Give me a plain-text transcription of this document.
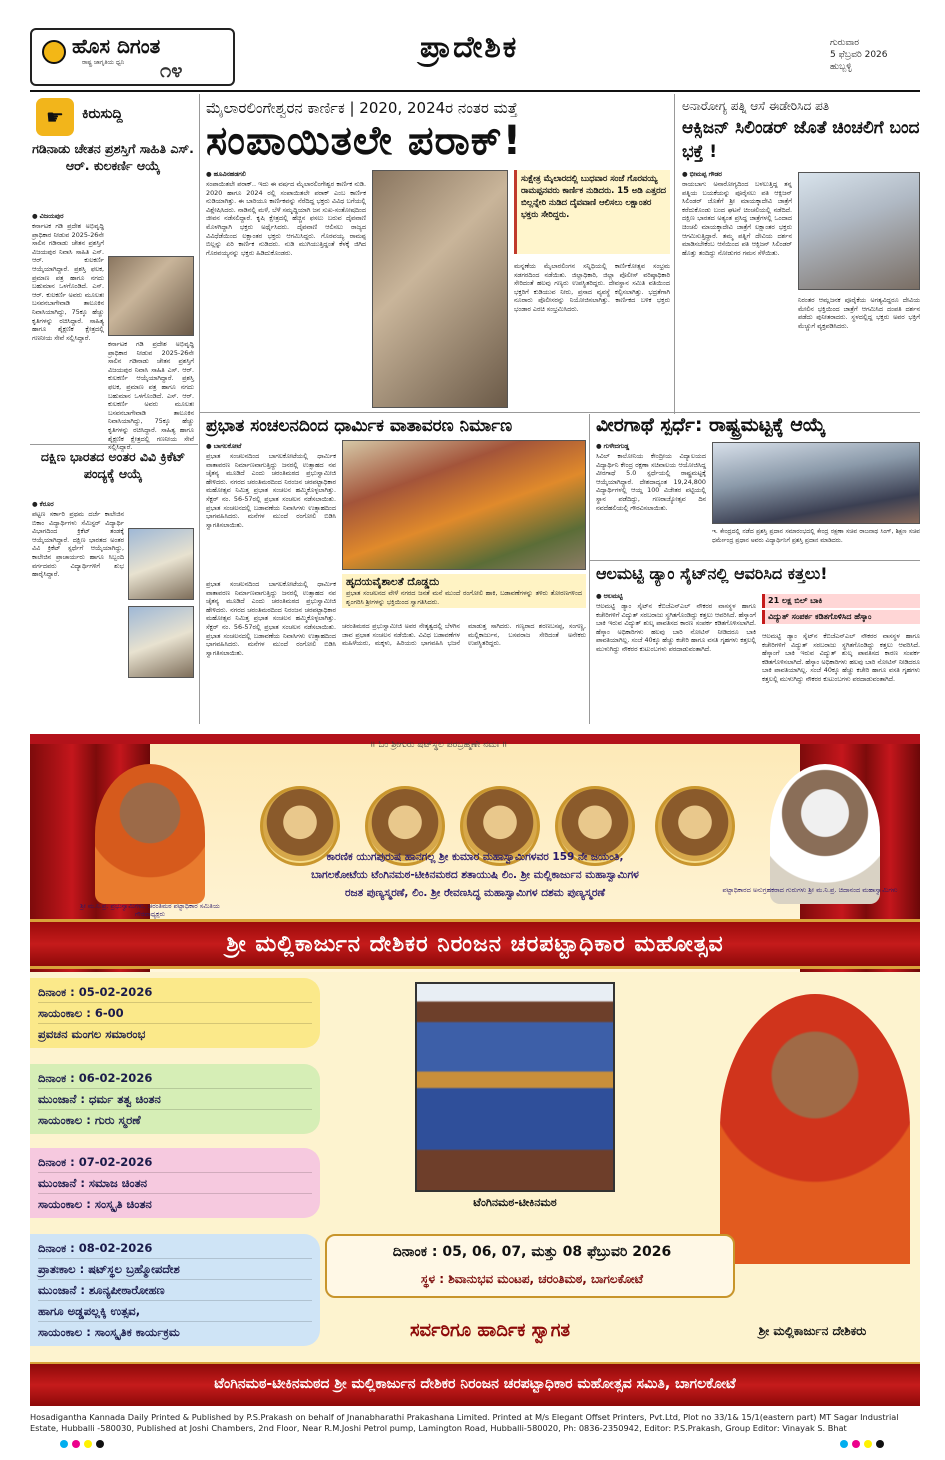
ಹೊಸ ದಿಗಂತ
ರಾಷ್ಟ್ರ ಜಾಗೃತಿಯ ಧ್ವನಿ ೧೪
ಪ್ರಾದೇಶಿಕ	ಗುರುವಾರ
5 ಫೆಬ್ರವರಿ 2026
ಹುಬ್ಬಳ್ಳಿ
☛	ಕಿರುಸುದ್ದಿ
ಗಡಿನಾಡು ಚೇತನ ಪ್ರಶಸ್ತಿಗೆ ಸಾಹಿತಿ ಎಸ್. ಆರ್. ಕುಲಕರ್ಣಿ ಆಯ್ಕೆ
● ವಿಜಯಪುರ
ಕರ್ನಾಟಕ ಗಡಿ ಪ್ರದೇಶ ಅಭಿವೃದ್ಧಿ ಪ್ರಾಧಿಕಾರ ನೀಡುವ 2025-26ನೇ ಸಾಲಿನ ಗಡಿನಾಡು ಚೇತನ ಪ್ರಶಸ್ತಿಗೆ ವಿಜಯಪುರ ನಿವಾಸಿ ಸಾಹಿತಿ ಎಸ್. ಆರ್. ಕುಲಕರ್ಣಿ ಆಯ್ಕೆಯಾಗಿದ್ದಾರೆ. ಪ್ರಶಸ್ತಿ ಫಲಕ, ಪ್ರಮಾಣ ಪತ್ರ ಹಾಗೂ ನಗದು ಬಹುಮಾನ ಒಳಗೊಂಡಿದೆ. ಎಸ್. ಆರ್. ಕುಲಕರ್ಣಿ ಅವರು ಮೂಲತಃ ಬಸವನಬಾಗೇವಾಡಿ ತಾಲೂಕಿನ ನಿವಾಸಿಯಾಗಿದ್ದು, 75ಕ್ಕೂ ಹೆಚ್ಚು ಕೃತಿಗಳನ್ನು ರಚಿಸಿದ್ದಾರೆ. ಸಾಹಿತ್ಯ ಹಾಗೂ ಶೈಕ್ಷಣಿಕ ಕ್ಷೇತ್ರದಲ್ಲಿ ಗಣನೀಯ ಸೇವೆ ಸಲ್ಲಿಸಿದ್ದಾರೆ.
ಕರ್ನಾಟಕ ಗಡಿ ಪ್ರದೇಶ ಅಭಿವೃದ್ಧಿ ಪ್ರಾಧಿಕಾರ ನೀಡುವ 2025-26ನೇ ಸಾಲಿನ ಗಡಿನಾಡು ಚೇತನ ಪ್ರಶಸ್ತಿಗೆ ವಿಜಯಪುರ ನಿವಾಸಿ ಸಾಹಿತಿ ಎಸ್. ಆರ್. ಕುಲಕರ್ಣಿ ಆಯ್ಕೆಯಾಗಿದ್ದಾರೆ. ಪ್ರಶಸ್ತಿ ಫಲಕ, ಪ್ರಮಾಣ ಪತ್ರ ಹಾಗೂ ನಗದು ಬಹುಮಾನ ಒಳಗೊಂಡಿದೆ. ಎಸ್. ಆರ್. ಕುಲಕರ್ಣಿ ಅವರು ಮೂಲತಃ ಬಸವನಬಾಗೇವಾಡಿ ತಾಲೂಕಿನ ನಿವಾಸಿಯಾಗಿದ್ದು, 75ಕ್ಕೂ ಹೆಚ್ಚು ಕೃತಿಗಳನ್ನು ರಚಿಸಿದ್ದಾರೆ. ಸಾಹಿತ್ಯ ಹಾಗೂ ಶೈಕ್ಷಣಿಕ ಕ್ಷೇತ್ರದಲ್ಲಿ ಗಣನೀಯ ಸೇವೆ ಸಲ್ಲಿಸಿದ್ದಾರೆ.
ದಕ್ಷಿಣ ಭಾರತದ ಅಂತರ ವಿವಿ ಕ್ರಿಕೆಟ್ ಪಂದ್ಯಕ್ಕೆ ಆಯ್ಕೆ
● ಕೆರೂರ
ಪಟ್ಟಣ ಸರ್ಕಾರಿ ಪ್ರಥಮ ದರ್ಜೆ ಕಾಲೇಜಿನ ಬಿಕಾಂ ವಿದ್ಯಾರ್ಥಿಗಳು ಸೆಮಿಸ್ಟರ್ ವಿದ್ಯಾರ್ಥಿ ವಿಭಾಗದಿಂದ ಕ್ರಿಕೆಟ್ ತಂಡಕ್ಕೆ ಆಯ್ಕೆಯಾಗಿದ್ದಾರೆ. ದಕ್ಷಿಣ ಭಾರತದ ಅಂತರ ವಿವಿ ಕ್ರಿಕೆಟ್ ಸ್ಪರ್ಧೆಗೆ ಆಯ್ಕೆಯಾಗಿದ್ದು, ಕಾಲೇಜಿನ ಪ್ರಾಚಾರ್ಯರು ಹಾಗೂ ಸಿಬ್ಬಂದಿ ವರ್ಗದವರು ವಿದ್ಯಾರ್ಥಿಗಳಿಗೆ ಶುಭ ಹಾರೈಸಿದ್ದಾರೆ.
ಮೈಲಾರಲಿಂಗೇಶ್ವರನ ಕಾರ್ಣಿಕ | 2020, 2024ರ ನಂತರ ಮತ್ತೆ
ಸಂಪಾಯಿತಲೇ ಪರಾಕ್!
● ಹೂವಿನಹಡಗಲಿ
ಸಂಪಾಯಿತಲೇ ಪರಾಕ್.. ಇದು ಈ ವರ್ಷದ ಮೈಲಾರಲಿಂಗೇಶ್ವರ ಕಾರ್ಣಿಕ ನುಡಿ. 2020 ಹಾಗೂ 2024 ರಲ್ಲಿ ಸಂಪಾಯಿತಲೇ ಪರಾಕ್ ಎಂಬ ಕಾರ್ಣಿಕ ನುಡಿಯಾಗಿತ್ತು. ಈ ಬಾರಿಯೂ ಕಾರ್ಣಿಕವನ್ನು ನೆರೆದಿದ್ದ ಭಕ್ತರು ವಿವಿಧ ಬಗೆಯಲ್ಲಿ ವಿಶ್ಲೇಷಿಸಿದರು. ನಾಡಿನಲ್ಲಿ ಮಳೆ, ಬೆಳೆ ಸಮೃದ್ಧಿಯಾಗಿ ಜನ ಸುಖ-ಸಂತೋಷದಿಂದ ಜೀವನ ನಡೆಸಲಿದ್ದಾರೆ. ಕೃಷಿ ಕ್ಷೇತ್ರದಲ್ಲಿ ಹೆಚ್ಚಿನ ಫಸಲು ಬರುವ ದೈವವಾಣಿ ಮೊಳಗಿದ್ದಾಗಿ ಭಕ್ತರು ಅರ್ಥೈಸಿದರು. ದೈವವಾಣಿ ಆಲಿಸಲು ರಾಜ್ಯದ ವಿವಿಧೆಡೆಯಿಂದ ಲಕ್ಷಾಂತರ ಭಕ್ತರು ಆಗಮಿಸಿದ್ದರು. ಗೊರವಯ್ಯ ರಾಮಪ್ಪ ಬಿಲ್ಲನ್ನು ಏರಿ ಕಾರ್ಣಿಕ ನುಡಿದರು. ನುಡಿ ಮುಗಿಯುತ್ತಿದ್ದಂತೆ ಕೆಳಕ್ಕೆ ಜಿಗಿದ ಗೊರವಯ್ಯನನ್ನು ಭಕ್ತರು ಹಿಡಿದುಕೊಂಡರು.
ಸುಕ್ಷೇತ್ರ ಮೈಲಾರದಲ್ಲಿ ಬುಧವಾರ ಸಂಜೆ ಗೊರವಯ್ಯ ರಾಮಪ್ಪನವರು ಕಾರ್ಣಿಕ ನುಡಿದರು. 15 ಅಡಿ ಎತ್ತರದ ಬಿಲ್ಲನ್ನೇರಿ ನುಡಿದ ದೈವವಾಣಿ ಆಲಿಸಲು ಲಕ್ಷಾಂತರ ಭಕ್ತರು ಸೇರಿದ್ದರು.
ಮನ್ನಣೆಯ ಮೈಲಾರಲಿಂಗನ ಸನ್ನಿಧಿಯಲ್ಲಿ ಕಾರ್ಣಿಕೋತ್ಸವ ಸಂಭ್ರಮ ಸಡಗರದಿಂದ ನಡೆಯಿತು. ಜಿಲ್ಲಾಧಿಕಾರಿ, ಜಿಲ್ಲಾ ಪೊಲೀಸ್ ವರಿಷ್ಠಾಧಿಕಾರಿ ಸೇರಿದಂತೆ ಹಲವು ಗಣ್ಯರು ಉಪಸ್ಥಿತರಿದ್ದರು. ದೇವಸ್ಥಾನ ಸಮಿತಿ ವತಿಯಿಂದ ಭಕ್ತರಿಗೆ ಕುಡಿಯುವ ನೀರು, ಪ್ರಸಾದ ವ್ಯವಸ್ಥೆ ಕಲ್ಪಿಸಲಾಗಿತ್ತು. ಭದ್ರತೆಗಾಗಿ ನೂರಾರು ಪೊಲೀಸರನ್ನು ನಿಯೋಜಿಸಲಾಗಿತ್ತು. ಕಾರ್ಣಿಕದ ಬಳಿಕ ಭಕ್ತರು ಭಂಡಾರ ಎರಚಿ ಸಂಭ್ರಮಿಸಿದರು.
ಅನಾರೋಗ್ಯ ಪತ್ನಿ ಆಸೆ ಈಡೇರಿಸಿದ ಪತಿ
ಆಕ್ಸಿಜನ್ ಸಿಲಿಂಡರ್ ಜೊತೆ ಚಿಂಚಲಿಗೆ ಬಂದ ಭಕ್ತೆ !
● ಭೀಮಪ್ಪ ಗೌಡರ
ರಾಯಬಾಗ: ಅನಾರೋಗ್ಯದಿಂದ ಬಳಲುತ್ತಿದ್ದ ತನ್ನ ಪತ್ನಿಯ ಬಯಕೆಯನ್ನು ಪೂರೈಸಲು ಪತಿ ಆಕ್ಸಿಜನ್ ಸಿಲಿಂಡರ್ ಜೊತೆಗೆ ಶ್ರೀ ಮಾಯಕ್ಕಾದೇವಿ ಜಾತ್ರೆಗೆ ಕರೆದುಕೊಂಡು ಬಂದ ಘಟನೆ ಚಿಂಚಲಿಯಲ್ಲಿ ನಡೆದಿದೆ. ದಕ್ಷಿಣ ಭಾರತದ ಅತ್ಯಂತ ಪ್ರಸಿದ್ಧ ಜಾತ್ರೆಗಳಲ್ಲಿ ಒಂದಾದ ಚಿಂಚಲಿ ಮಾಯಕ್ಕಾದೇವಿ ಜಾತ್ರೆಗೆ ಲಕ್ಷಾಂತರ ಭಕ್ತರು ಆಗಮಿಸುತ್ತಿದ್ದಾರೆ. ತಮ್ಮ ಪತ್ನಿಗೆ ದೇವಿಯ ದರ್ಶನ ಮಾಡಿಸಬೇಕೆಂಬ ಆಸೆಯಿಂದ ಪತಿ ಆಕ್ಸಿಜನ್ ಸಿಲಿಂಡರ್ ಹೊತ್ತು ತಂದಿದ್ದು ನೋಡುಗರ ಗಮನ ಸೆಳೆಯಿತು.
ನಿರಂತರ ಆಮ್ಲಜನಕ ಪೂರೈಕೆಯ ಅಗತ್ಯವಿದ್ದರೂ ದೇವಿಯ ಮೇಲಿನ ಭಕ್ತಿಯಿಂದ ಜಾತ್ರೆಗೆ ಆಗಮಿಸಿದ ದಂಪತಿ ದರ್ಶನ ಪಡೆದು ಪುನೀತರಾದರು. ಸ್ಥಳದಲ್ಲಿದ್ದ ಭಕ್ತರು ಅವರ ಭಕ್ತಿಗೆ ಮೆಚ್ಚುಗೆ ವ್ಯಕ್ತಪಡಿಸಿದರು.
ಪ್ರಭಾತ ಸಂಚಲನದಿಂದ ಧಾರ್ಮಿಕ ವಾತಾವರಣ ನಿರ್ಮಾಣ
● ಬಾಗಲಕೋಟೆ
ಪ್ರಭಾತ ಸಂಚಲನದಿಂದ ಬಾಗಲಕೋಟೆಯಲ್ಲಿ ಧಾರ್ಮಿಕ ವಾತಾವರಣ ನಿರ್ಮಾಣವಾಗುತ್ತಿದ್ದು ಜನರಲ್ಲಿ ಉತ್ಸಾಹದ ನವ ಚೈತನ್ಯ ಮೂಡಿದೆ ಎಂದು ಚರಂತಿಮಠದ ಪ್ರಭುಸ್ವಾಮೀಜಿ ಹೇಳಿದರು. ನಗರದ ಚರಂತಿಮಠದಿಂದ ನಿರಂಜನ ಚರಪಟ್ಟಾಧಿಕಾರ ಮಹೋತ್ಸವ ನಿಮಿತ್ತ ಪ್ರಭಾತ ಸಂಚಲನ ಹಮ್ಮಿಕೊಳ್ಳಲಾಗಿತ್ತು. ಸೆಕ್ಟರ್ ನಂ. 56-57ರಲ್ಲಿ ಪ್ರಭಾತ ಸಂಚಲನ ನಡೆಸಲಾಯಿತು. ಪ್ರಭಾತ ಸಂಚಲನದಲ್ಲಿ ಬಡಾವಣೆಯ ನಿವಾಸಿಗಳು ಉತ್ಸಾಹದಿಂದ ಭಾಗವಹಿಸಿದರು. ಮನೆಗಳ ಮುಂದೆ ರಂಗೋಲಿ ಬಿಡಿಸಿ ಸ್ವಾಗತಿಸಲಾಯಿತು.
ಹೃದಯವೈಶಾಲತೆ ದೊಡ್ಡದು
ಪ್ರಭಾತ ಸಂಚಲನದ ವೇಳೆ ನಗರದ ಜನತೆ ಮನೆ ಮುಂದೆ ರಂಗೋಲಿ ಹಾಕಿ, ಬಡಾವಣೆಗಳನ್ನು ತಳಿರು ತೋರಣಗಳಿಂದ ಶೃಂಗರಿಸಿ ಶ್ರೀಗಳನ್ನು ಭಕ್ತಿಯಿಂದ ಸ್ವಾಗತಿಸಿದರು.
ಪ್ರಭಾತ ಸಂಚಲನದಿಂದ ಬಾಗಲಕೋಟೆಯಲ್ಲಿ ಧಾರ್ಮಿಕ ವಾತಾವರಣ ನಿರ್ಮಾಣವಾಗುತ್ತಿದ್ದು ಜನರಲ್ಲಿ ಉತ್ಸಾಹದ ನವ ಚೈತನ್ಯ ಮೂಡಿದೆ ಎಂದು ಚರಂತಿಮಠದ ಪ್ರಭುಸ್ವಾಮೀಜಿ ಹೇಳಿದರು. ನಗರದ ಚರಂತಿಮಠದಿಂದ ನಿರಂಜನ ಚರಪಟ್ಟಾಧಿಕಾರ ಮಹೋತ್ಸವ ನಿಮಿತ್ತ ಪ್ರಭಾತ ಸಂಚಲನ ಹಮ್ಮಿಕೊಳ್ಳಲಾಗಿತ್ತು. ಸೆಕ್ಟರ್ ನಂ. 56-57ರಲ್ಲಿ ಪ್ರಭಾತ ಸಂಚಲನ ನಡೆಸಲಾಯಿತು. ಪ್ರಭಾತ ಸಂಚಲನದಲ್ಲಿ ಬಡಾವಣೆಯ ನಿವಾಸಿಗಳು ಉತ್ಸಾಹದಿಂದ ಭಾಗವಹಿಸಿದರು. ಮನೆಗಳ ಮುಂದೆ ರಂಗೋಲಿ ಬಿಡಿಸಿ ಸ್ವಾಗತಿಸಲಾಯಿತು.
ಚರಂತಿಮಠದ ಪ್ರಭುಸ್ವಾಮೀಜಿ ಅವರ ನೇತೃತ್ವದಲ್ಲಿ ಬೆಳಗಿನ ಜಾವ ಪ್ರಭಾತ ಸಂಚಲನ ನಡೆಯಿತು. ವಿವಿಧ ಬಡಾವಣೆಗಳ ಮಹಿಳೆಯರು, ಮಕ್ಕಳು, ಹಿರಿಯರು ಭಾಗವಹಿಸಿ ಭಜನೆ ಮಾಡುತ್ತ ಸಾಗಿದರು. ಗಣ್ಯರಾದ ಶರಣಬಸಪ್ಪ, ಸಂಗಣ್ಣ, ಮಲ್ಲಿಕಾರ್ಜುನ, ಬಸವರಾಜ ಸೇರಿದಂತೆ ಅನೇಕರು ಉಪಸ್ಥಿತರಿದ್ದರು.
ವೀರಗಾಥೆ ಸ್ಪರ್ಧೆ: ರಾಷ್ಟ್ರಮಟ್ಟಕ್ಕೆ ಆಯ್ಕೆ
● ಗುಳೇದಗುಡ್ಡ
ಸಿವಿಲ್ ಕಾಲೋನಿಯ ಕೇಂದ್ರೀಯ ವಿದ್ಯಾಲಯದ ವಿದ್ಯಾರ್ಥಿನಿ ಕೇಂದ್ರ ರಕ್ಷಣಾ ಸಚಿವಾಲಯ ಆಯೋಜಿಸಿದ್ದ ವೀರಗಾಥೆ 5.0 ಸ್ಪರ್ಧೆಯಲ್ಲಿ ರಾಷ್ಟ್ರಮಟ್ಟಕ್ಕೆ ಆಯ್ಕೆಯಾಗಿದ್ದಾರೆ. ದೇಶದಾದ್ಯಂತ 19,24,800 ವಿದ್ಯಾರ್ಥಿಗಳಲ್ಲಿ ಆಯ್ದ 100 ವಿಜೇತರ ಪಟ್ಟಿಯಲ್ಲಿ ಸ್ಥಾನ ಪಡೆದಿದ್ದು, ಗಣರಾಜ್ಯೋತ್ಸವ ದಿನ ನವದೆಹಲಿಯಲ್ಲಿ ಗೌರವಿಸಲಾಯಿತು.
ಇ. ಕೇಂದ್ರದಲ್ಲಿ ನಡೆದ ಪ್ರಶಸ್ತಿ ಪ್ರದಾನ ಸಮಾರಂಭದಲ್ಲಿ ಕೇಂದ್ರ ರಕ್ಷಣಾ ಸಚಿವ ರಾಜನಾಥ ಸಿಂಗ್, ಶಿಕ್ಷಣ ಸಚಿವ ಧರ್ಮೇಂದ್ರ ಪ್ರಧಾನ ಅವರು ವಿದ್ಯಾರ್ಥಿನಿಗೆ ಪ್ರಶಸ್ತಿ ಪ್ರದಾನ ಮಾಡಿದರು.
ಆಲಮಟ್ಟಿ ಡ್ಯಾಂ ಸೈಟ್‌ನಲ್ಲಿ ಆವರಿಸಿದ ಕತ್ತಲು!
● ಆಲಮಟ್ಟಿ
ಆಲಮಟ್ಟಿ ಡ್ಯಾಂ ಸೈಟ್‌ನ ಕೆಬಿಜೆಎನ್ಎಲ್ ನೌಕರರ ವಾಸಸ್ಥಳ ಹಾಗೂ ಕಚೇರಿಗಳಿಗೆ ವಿದ್ಯುತ್ ಸರಬರಾಜು ಸ್ಥಗಿತಗೊಂಡಿದ್ದು ಕತ್ತಲು ಆವರಿಸಿದೆ. ಹೆಸ್ಕಾಂಗೆ ಬಾಕಿ ಇರುವ ವಿದ್ಯುತ್ ಶುಲ್ಕ ಪಾವತಿಸದ ಕಾರಣ ಸಂಪರ್ಕ ಕಡಿತಗೊಳಿಸಲಾಗಿದೆ. ಹೆಸ್ಕಾಂ ಅಧಿಕಾರಿಗಳು ಹಲವು ಬಾರಿ ನೋಟಿಸ್ ನೀಡಿದರೂ ಬಾಕಿ ಪಾವತಿಯಾಗಿಲ್ಲ. ಸಂಜೆ 40ಕ್ಕೂ ಹೆಚ್ಚು ಕಚೇರಿ ಹಾಗೂ ವಸತಿ ಗೃಹಗಳು ಕತ್ತಲಲ್ಲಿ ಮುಳುಗಿದ್ದು ನೌಕರರ ಕುಟುಂಬಗಳು ಪರದಾಡುವಂತಾಗಿದೆ.
21 ಲಕ್ಷ ಬಿಲ್ ಬಾಕಿ
ವಿದ್ಯುತ್ ಸಂಪರ್ಕ ಕಡಿತಗೊಳಿಸಿದ ಹೆಸ್ಕಾಂ
ಆಲಮಟ್ಟಿ ಡ್ಯಾಂ ಸೈಟ್‌ನ ಕೆಬಿಜೆಎನ್ಎಲ್ ನೌಕರರ ವಾಸಸ್ಥಳ ಹಾಗೂ ಕಚೇರಿಗಳಿಗೆ ವಿದ್ಯುತ್ ಸರಬರಾಜು ಸ್ಥಗಿತಗೊಂಡಿದ್ದು ಕತ್ತಲು ಆವರಿಸಿದೆ. ಹೆಸ್ಕಾಂಗೆ ಬಾಕಿ ಇರುವ ವಿದ್ಯುತ್ ಶುಲ್ಕ ಪಾವತಿಸದ ಕಾರಣ ಸಂಪರ್ಕ ಕಡಿತಗೊಳಿಸಲಾಗಿದೆ. ಹೆಸ್ಕಾಂ ಅಧಿಕಾರಿಗಳು ಹಲವು ಬಾರಿ ನೋಟಿಸ್ ನೀಡಿದರೂ ಬಾಕಿ ಪಾವತಿಯಾಗಿಲ್ಲ. ಸಂಜೆ 40ಕ್ಕೂ ಹೆಚ್ಚು ಕಚೇರಿ ಹಾಗೂ ವಸತಿ ಗೃಹಗಳು ಕತ್ತಲಲ್ಲಿ ಮುಳುಗಿದ್ದು ನೌಕರರ ಕುಟುಂಬಗಳು ಪರದಾಡುವಂತಾಗಿದೆ.
॥ ಓಂ ಶ್ರೀಗುರು ಷಟ್‌ಸ್ಥಲ ಪರಬ್ರಹ್ಮಣೇ ನಮಃ ॥
ಕಾರಣಿಕ ಯುಗಪುರುಷ ಹಾನಗಲ್ಲ ಶ್ರೀ ಕುಮಾರ ಮಹಾಸ್ವಾಮಿಗಳವರ 159 ನೇ ಜಯಂತಿ,
ಬಾಗಲಕೋಟೆಯ ಟೆಂಗಿನಮಠ-ಟೀಕಿನಮಠದ ಶತಾಯುಷಿ ಲಿಂ. ಶ್ರೀ ಮಲ್ಲಿಕಾರ್ಜುನ ಮಹಾಸ್ವಾಮಿಗಳ
ರಜತ ಪುಣ್ಯಸ್ಮರಣೆ, ಲಿಂ. ಶ್ರೀ ರೇವಣಸಿದ್ಧ ಮಹಾಸ್ವಾಮಿಗಳ ದಶಮ ಪುಣ್ಯಸ್ಮರಣೆ
ಶ್ರೀ ಮ.ನಿ.ಪ್ರ. ಪ್ರಭುಸ್ವಾಮಿಗಳು, ಚರಂತಿಮಠ ಪಟ್ಟಾಧಿಕಾರ ಸಮಿತಿಯ ಗೌರವಾಧ್ಯಕ್ಷರು
ಪಟ್ಟಾಧಿಕಾರದ ಅನುಗ್ರಹಕರಾದ ಗುರುಗಳು ಶ್ರೀ ಮ.ನಿ.ಪ್ರ. ಚಿದಾನಂದ ಮಹಾಸ್ವಾಮಿಗಳು
ಶ್ರೀ ಮಲ್ಲಿಕಾರ್ಜುನ ದೇಶಿಕರ ನಿರಂಜನ ಚರಪಟ್ಟಾಧಿಕಾರ ಮಹೋತ್ಸವ
ದಿನಾಂಕ : 05-02-2026
ಸಾಯಂಕಾಲ : 6-00
ಪ್ರವಚನ ಮಂಗಲ ಸಮಾರಂಭ
ದಿನಾಂಕ : 06-02-2026
ಮುಂಜಾನೆ : ಧರ್ಮ ತತ್ವ ಚಿಂತನ
ಸಾಯಂಕಾಲ : ಗುರು ಸ್ಮರಣೆ
ದಿನಾಂಕ : 07-02-2026
ಮುಂಜಾನೆ : ಸಮಾಜ ಚಿಂತನ
ಸಾಯಂಕಾಲ : ಸಂಸ್ಕೃತಿ ಚಿಂತನ
ದಿನಾಂಕ : 08-02-2026
ಪ್ರಾತಃಕಾಲ : ಷಟ್‌ಸ್ಥಲ ಬ್ರಹ್ಮೋಪದೇಶ
ಮುಂಜಾನೆ : ಶೂನ್ಯಪೀಠಾರೋಹಣ
ಹಾಗೂ ಅಡ್ಡಪಲ್ಲಕ್ಕಿ ಉತ್ಸವ,
ಸಾಯಂಕಾಲ : ಸಾಂಸ್ಕೃತಿಕ ಕಾರ್ಯಕ್ರಮ
ಟೆಂಗಿನಮಠ-ಟೀಕಿನಮಠ
ದಿನಾಂಕ : 05, 06, 07, ಮತ್ತು 08 ಫೆಬ್ರುವರಿ 2026
ಸ್ಥಳ : ಶಿವಾನುಭವ ಮಂಟಪ, ಚರಂತಿಮಠ, ಬಾಗಲಕೋಟೆ
ಸರ್ವರಿಗೂ ಹಾರ್ದಿಕ ಸ್ವಾಗತ	ಶ್ರೀ ಮಲ್ಲಿಕಾರ್ಜುನ ದೇಶಿಕರು
ಟೆಂಗಿನಮಠ-ಟೀಕಿನಮಠದ ಶ್ರೀ ಮಲ್ಲಿಕಾರ್ಜುನ ದೇಶಿಕರ ನಿರಂಜನ ಚರಪಟ್ಟಾಧಿಕಾರ ಮಹೋತ್ಸವ ಸಮಿತಿ, ಬಾಗಲಕೋಟೆ
Hosadigantha Kannada Daily Printed & Published by P.S.Prakash on behalf of Jnanabharathi Prakashana Limited. Printed at M/s Elegant Offset Printers, Pvt.Ltd, Plot no 33/1& 15/1(eastern part) MT Sagar Industrial Estate, Hubballi -580030, Published at Joshi Chambers, 2nd Floor, Near R.M.Joshi Petrol pump, Lamington Road, Hubballi-580020, Ph: 0836-2350942, Editor: P.S.Prakash, Group Editor: Vinayak S. Bhat
